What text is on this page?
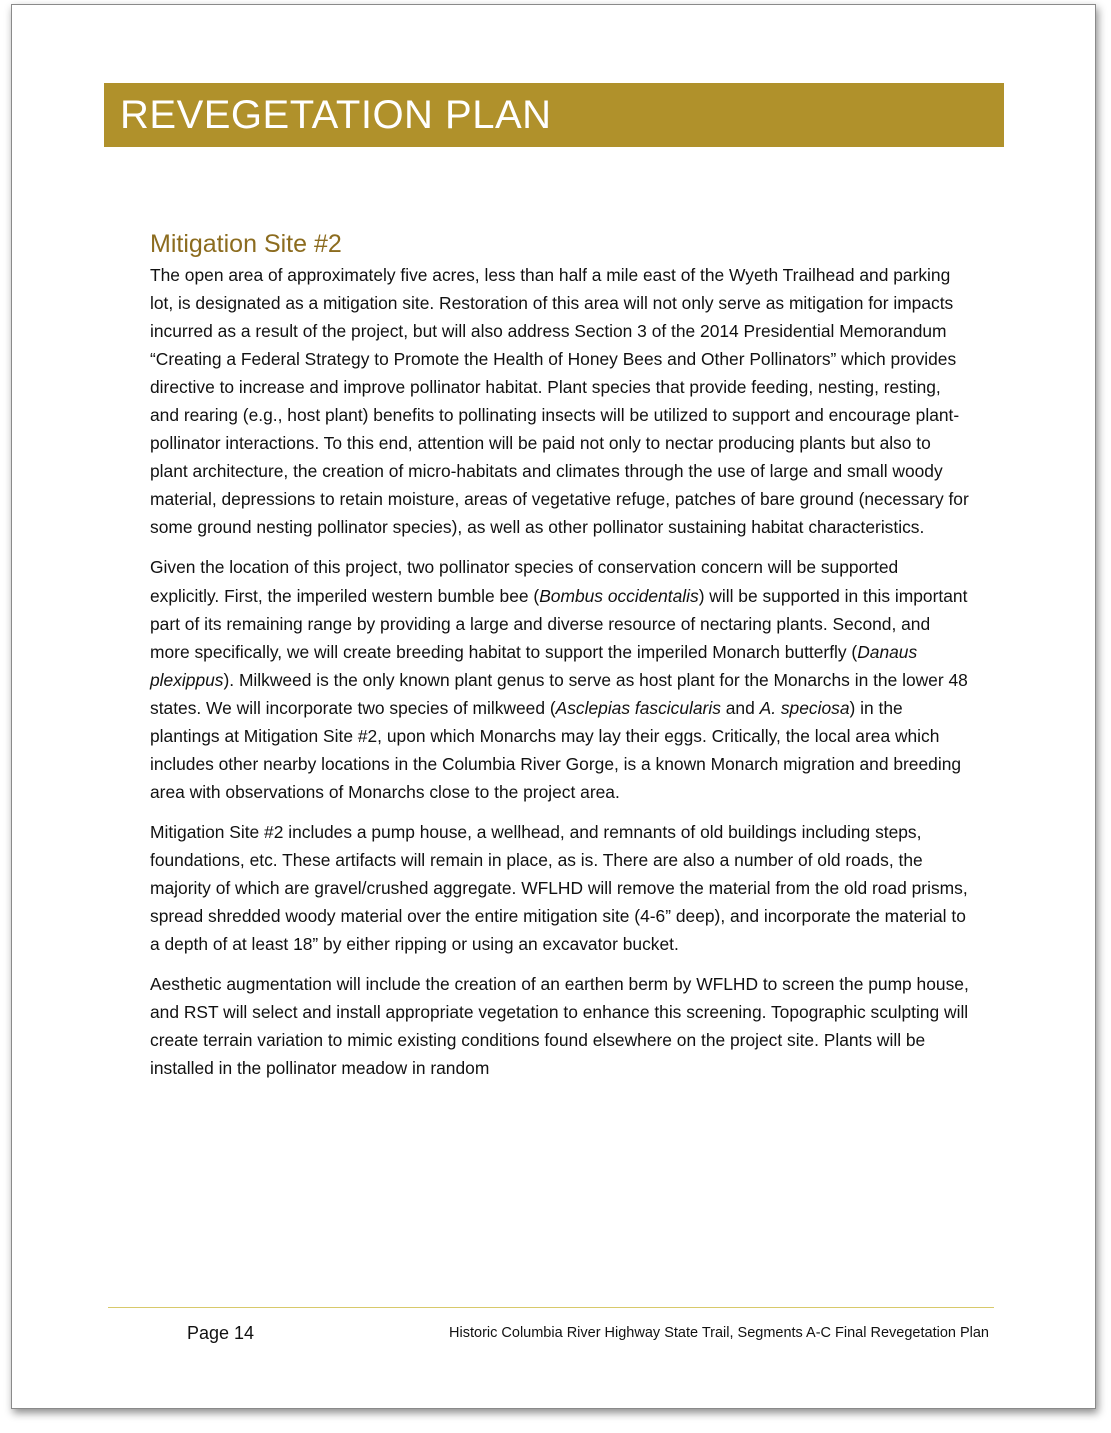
REVEGETATION PLAN
Mitigation Site #2

The open area of approximately five acres, less than half a mile east of the Wyeth Trailhead and parking lot, is designated as a mitigation site. Restoration of this area will not only serve as mitigation for impacts incurred as a result of the project, but will also address Section 3 of the 2014 Presidential Memorandum “Creating a Federal Strategy to Promote the Health of Honey Bees and Other Pollinators” which provides directive to increase and improve pollinator habitat. Plant species that provide feeding, nesting, resting, and rearing (e.g., host plant) benefits to pollinating insects will be utilized to support and encourage plant-pollinator interactions. To this end, attention will be paid not only to nectar producing plants but also to plant architecture, the creation of micro-habitats and climates through the use of large and small woody material, depressions to retain moisture, areas of vegetative refuge, patches of bare ground (necessary for some ground nesting pollinator species), as well as other pollinator sustaining habitat characteristics.

Given the location of this project, two pollinator species of conservation concern will be supported explicitly. First, the imperiled western bumble bee (Bombus occidentalis) will be supported in this important part of its remaining range by providing a large and diverse resource of nectaring plants. Second, and more specifically, we will create breeding habitat to support the imperiled Monarch butterfly (Danaus plexippus). Milkweed is the only known plant genus to serve as host plant for the Monarchs in the lower 48 states. We will incorporate two species of milkweed (Asclepias fascicularis and A. speciosa) in the plantings at Mitigation Site #2, upon which Monarchs may lay their eggs. Critically, the local area which includes other nearby locations in the Columbia River Gorge, is a known Monarch migration and breeding area with observations of Monarchs close to the project area.

Mitigation Site #2 includes a pump house, a wellhead, and remnants of old buildings including steps, foundations, etc. These artifacts will remain in place, as is. There are also a number of old roads, the majority of which are gravel/crushed aggregate. WFLHD will remove the material from the old road prisms, spread shredded woody material over the entire mitigation site (4-6” deep), and incorporate the material to a depth of at least 18” by either ripping or using an excavator bucket.

Aesthetic augmentation will include the creation of an earthen berm by WFLHD to screen the pump house, and RST will select and install appropriate vegetation to enhance this screening. Topographic sculpting will create terrain variation to mimic existing conditions found elsewhere on the project site. Plants will be installed in the pollinator meadow in random

Page 14	Historic Columbia River Highway State Trail, Segments A-C Final Revegetation Plan
